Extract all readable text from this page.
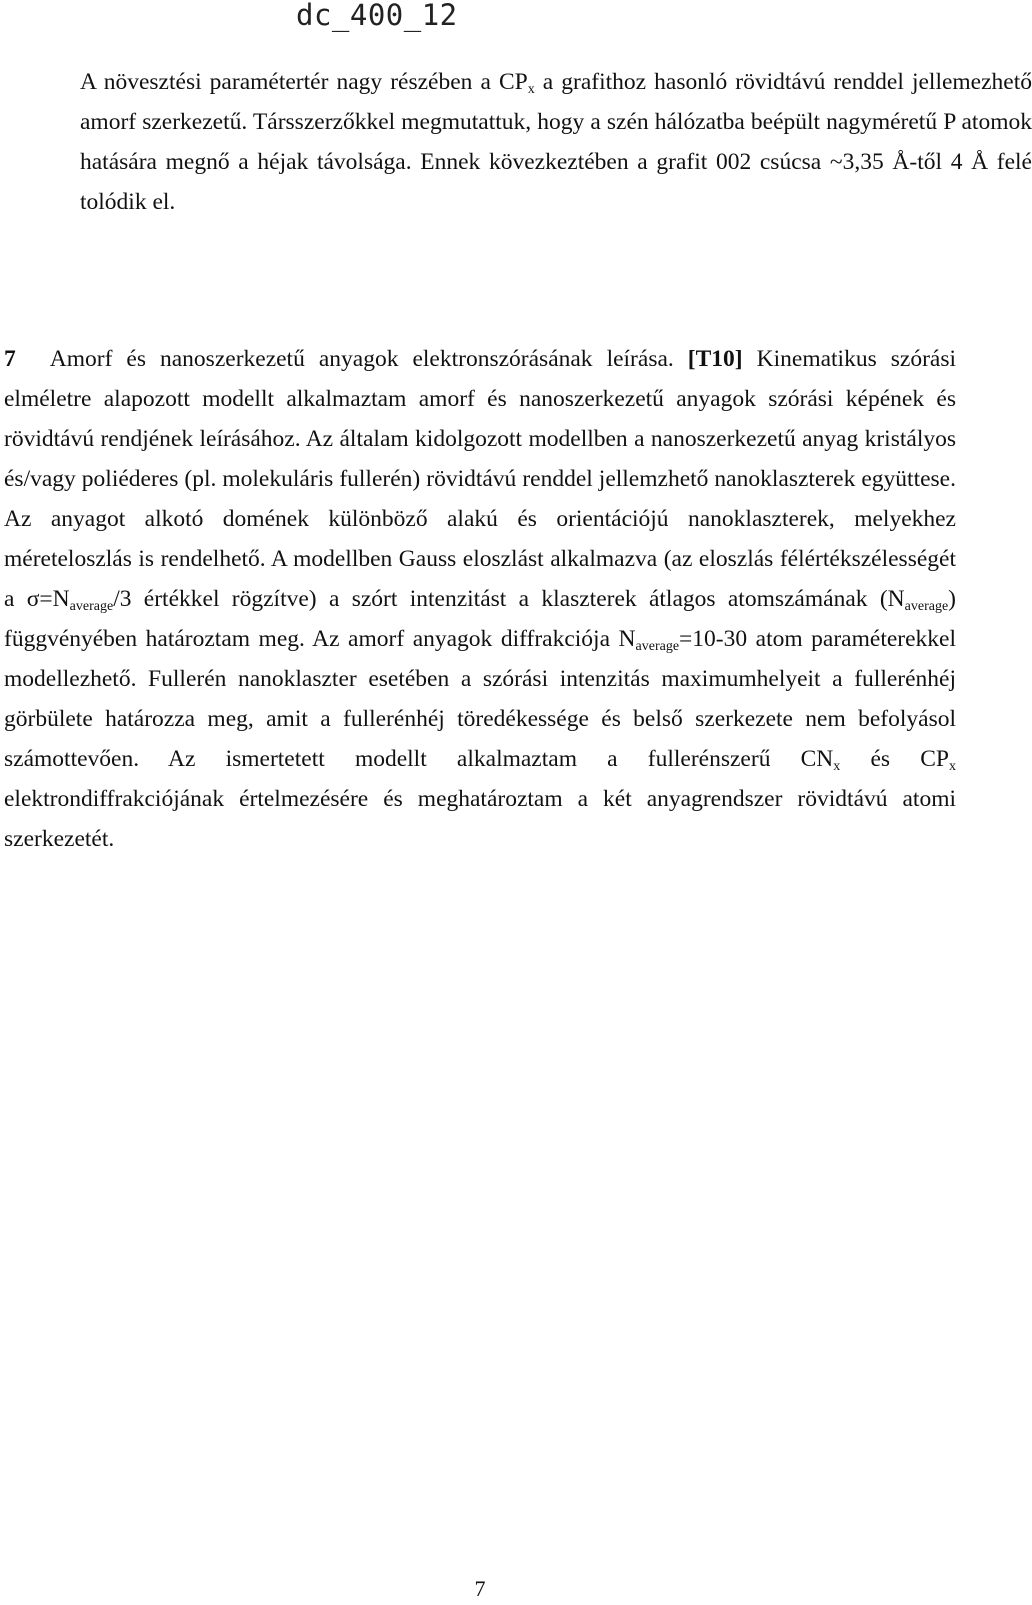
dc_400_12

A növesztési paramétertér nagy részében a $CP_x$ a grafithoz hasonló rövidtávú renddel jellemezhető amorf szerkezetű. Társszerzőkkel megmutattuk, hogy a szén hálózatba beépült nagyméretű P atomok hatására megnő a héjak távolsága. Ennek kövezkeztében a grafit 002 csúcsa ~3,35 Å-től 4 Å felé tolódik el.

7 Amorf és nanoszerkezetű anyagok elektronszórásának leírása. [T10] Kinematikus szórási elméletre alapozott modellt alkalmaztam amorf és nanoszerkezetű anyagok szórási képének és rövidtávú rendjének leírásához. Az általam kidolgozott modellben a nanoszerkezetű anyag kristályos és/vagy poliéderes (pl. molekuláris fullerén) rövidtávú renddel jellemzhető nanoklaszterek együttese. Az anyagot alkotó domének különböző alakú és orientációjú nanoklaszterek, melyekhez méreteloszlás is rendelhető. A modellben Gauss eloszlást alkalmazva (az eloszlás félértékszélességét a $\sigma=N_{average}/3$ értékkel rögzítve) a szórt intenzitást a klaszterek átlagos atomszámának $(N_{average})$ függvényében határoztam meg. Az amorf anyagok diffrakciója $N_{average}=10-30$ atom paraméterekkel modellezhető. Fullerén nanoklaszter esetében a szórási intenzitás maximumhelyeit a fullerénhéj görbülete határozza meg, amit a fullerénhéj töredékessége és belső szerkezete nem befolyásol számottevően. Az ismertetett modellt alkalmaztam a fullerénszerű $CN_x$ és $CP_x$ elektrondiffrakciójának értelmezésére és meghatároztam a két anyagrendszer rövidtávú atomi szerkezetét.

7
